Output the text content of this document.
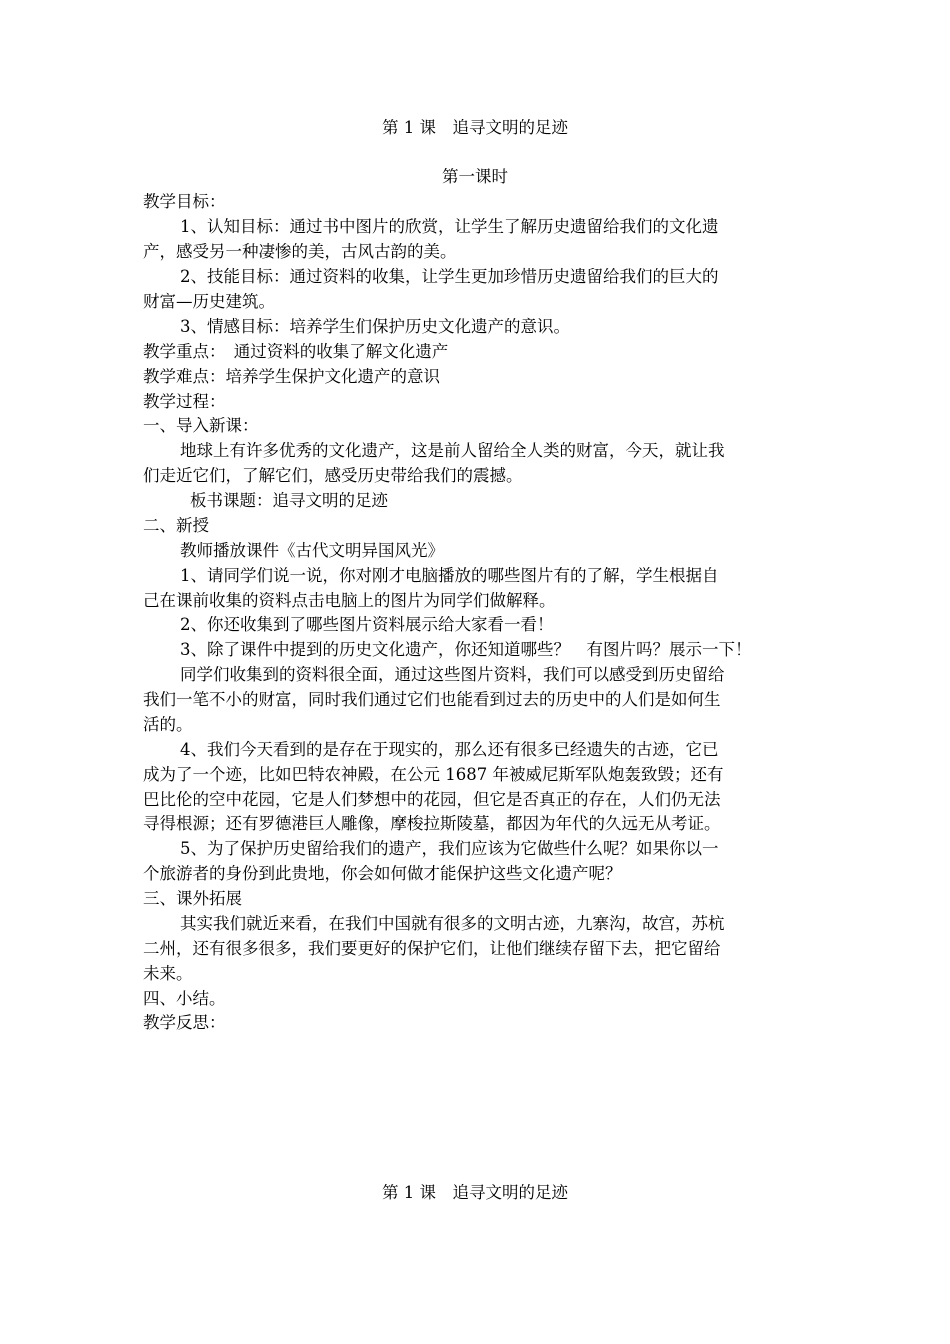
第 1 课　追寻文明的足迹
第一课时
教学目标：
1、认知目标：通过书中图片的欣赏，让学生了解历史遗留给我们的文化遗
产，感受另一种凄惨的美，古风古韵的美。
2、技能目标：通过资料的收集，让学生更加珍惜历史遗留给我们的巨大的
财富—历史建筑。
3、情感目标：培养学生们保护历史文化遗产的意识。
教学重点：　通过资料的收集了解文化遗产
教学难点：培养学生保护文化遗产的意识
教学过程：
一、导入新课：
地球上有许多优秀的文化遗产，这是前人留给全人类的财富，今天，就让我
们走近它们，了解它们，感受历史带给我们的震撼。
板书课题：追寻文明的足迹
二、新授
教师播放课件《古代文明异国风光》
1、请同学们说一说，你对刚才电脑播放的哪些图片有的了解，学生根据自
己在课前收集的资料点击电脑上的图片为同学们做解释。
2、你还收集到了哪些图片资料展示给大家看一看！
3、除了课件中提到的历史文化遗产，你还知道哪些？　有图片吗？展示一下！
同学们收集到的资料很全面，通过这些图片资料，我们可以感受到历史留给
我们一笔不小的财富，同时我们通过它们也能看到过去的历史中的人们是如何生
活的。
4、我们今天看到的是存在于现实的，那么还有很多已经遗失的古迹，它已
成为了一个迹，比如巴特农神殿，在公元 1687 年被威尼斯军队炮轰致毁；还有
巴比伦的空中花园，它是人们梦想中的花园，但它是否真正的存在，人们仍无法
寻得根源；还有罗德港巨人雕像，摩梭拉斯陵墓，都因为年代的久远无从考证。
5、为了保护历史留给我们的遗产，我们应该为它做些什么呢？如果你以一
个旅游者的身份到此贵地，你会如何做才能保护这些文化遗产呢？
三、课外拓展
其实我们就近来看，在我们中国就有很多的文明古迹，九寨沟，故宫，苏杭
二州，还有很多很多，我们要更好的保护它们，让他们继续存留下去，把它留给
未来。
四、小结。
教学反思：
第 1 课　追寻文明的足迹
